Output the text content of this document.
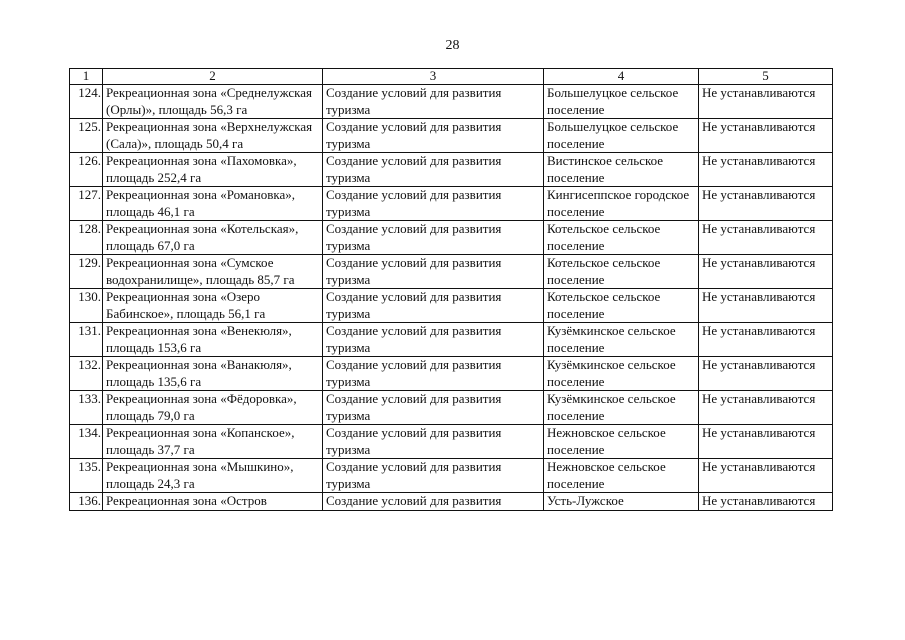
28
1	2	3	4	5
124.	Рекреационная зона «Среднелужская (Орлы)», площадь 56,3 га	Создание условий для развития туризма	Большелуцкое сельское поселение	Не устанавливаются
125.	Рекреационная зона «Верхнелужская (Сала)», площадь 50,4 га	Создание условий для развития туризма	Большелуцкое сельское поселение	Не устанавливаются
126.	Рекреационная зона «Пахомовка», площадь 252,4 га	Создание условий для развития туризма	Вистинское сельское поселение	Не устанавливаются
127.	Рекреационная зона «Романовка», площадь 46,1 га	Создание условий для развития туризма	Кингисеппское городское поселение	Не устанавливаются
128.	Рекреационная зона «Котельская», площадь 67,0 га	Создание условий для развития туризма	Котельское сельское поселение	Не устанавливаются
129.	Рекреационная зона «Сумское водохранилище», площадь 85,7 га	Создание условий для развития туризма	Котельское сельское поселение	Не устанавливаются
130.	Рекреационная зона «Озеро Бабинское», площадь 56,1 га	Создание условий для развития туризма	Котельское сельское поселение	Не устанавливаются
131.	Рекреационная зона «Венекюля», площадь 153,6 га	Создание условий для развития туризма	Кузёмкинское сельское поселение	Не устанавливаются
132.	Рекреационная зона «Ванакюля», площадь 135,6 га	Создание условий для развития туризма	Кузёмкинское сельское поселение	Не устанавливаются
133.	Рекреационная зона «Фёдоровка», площадь 79,0 га	Создание условий для развития туризма	Кузёмкинское сельское поселение	Не устанавливаются
134.	Рекреационная зона «Копанское», площадь 37,7 га	Создание условий для развития туризма	Нежновское сельское поселение	Не устанавливаются
135.	Рекреационная зона «Мышкино», площадь 24,3 га	Создание условий для развития туризма	Нежновское сельское поселение	Не устанавливаются
136.	Рекреационная зона «Остров	Создание условий для развития	Усть-Лужское	Не устанавливаются
